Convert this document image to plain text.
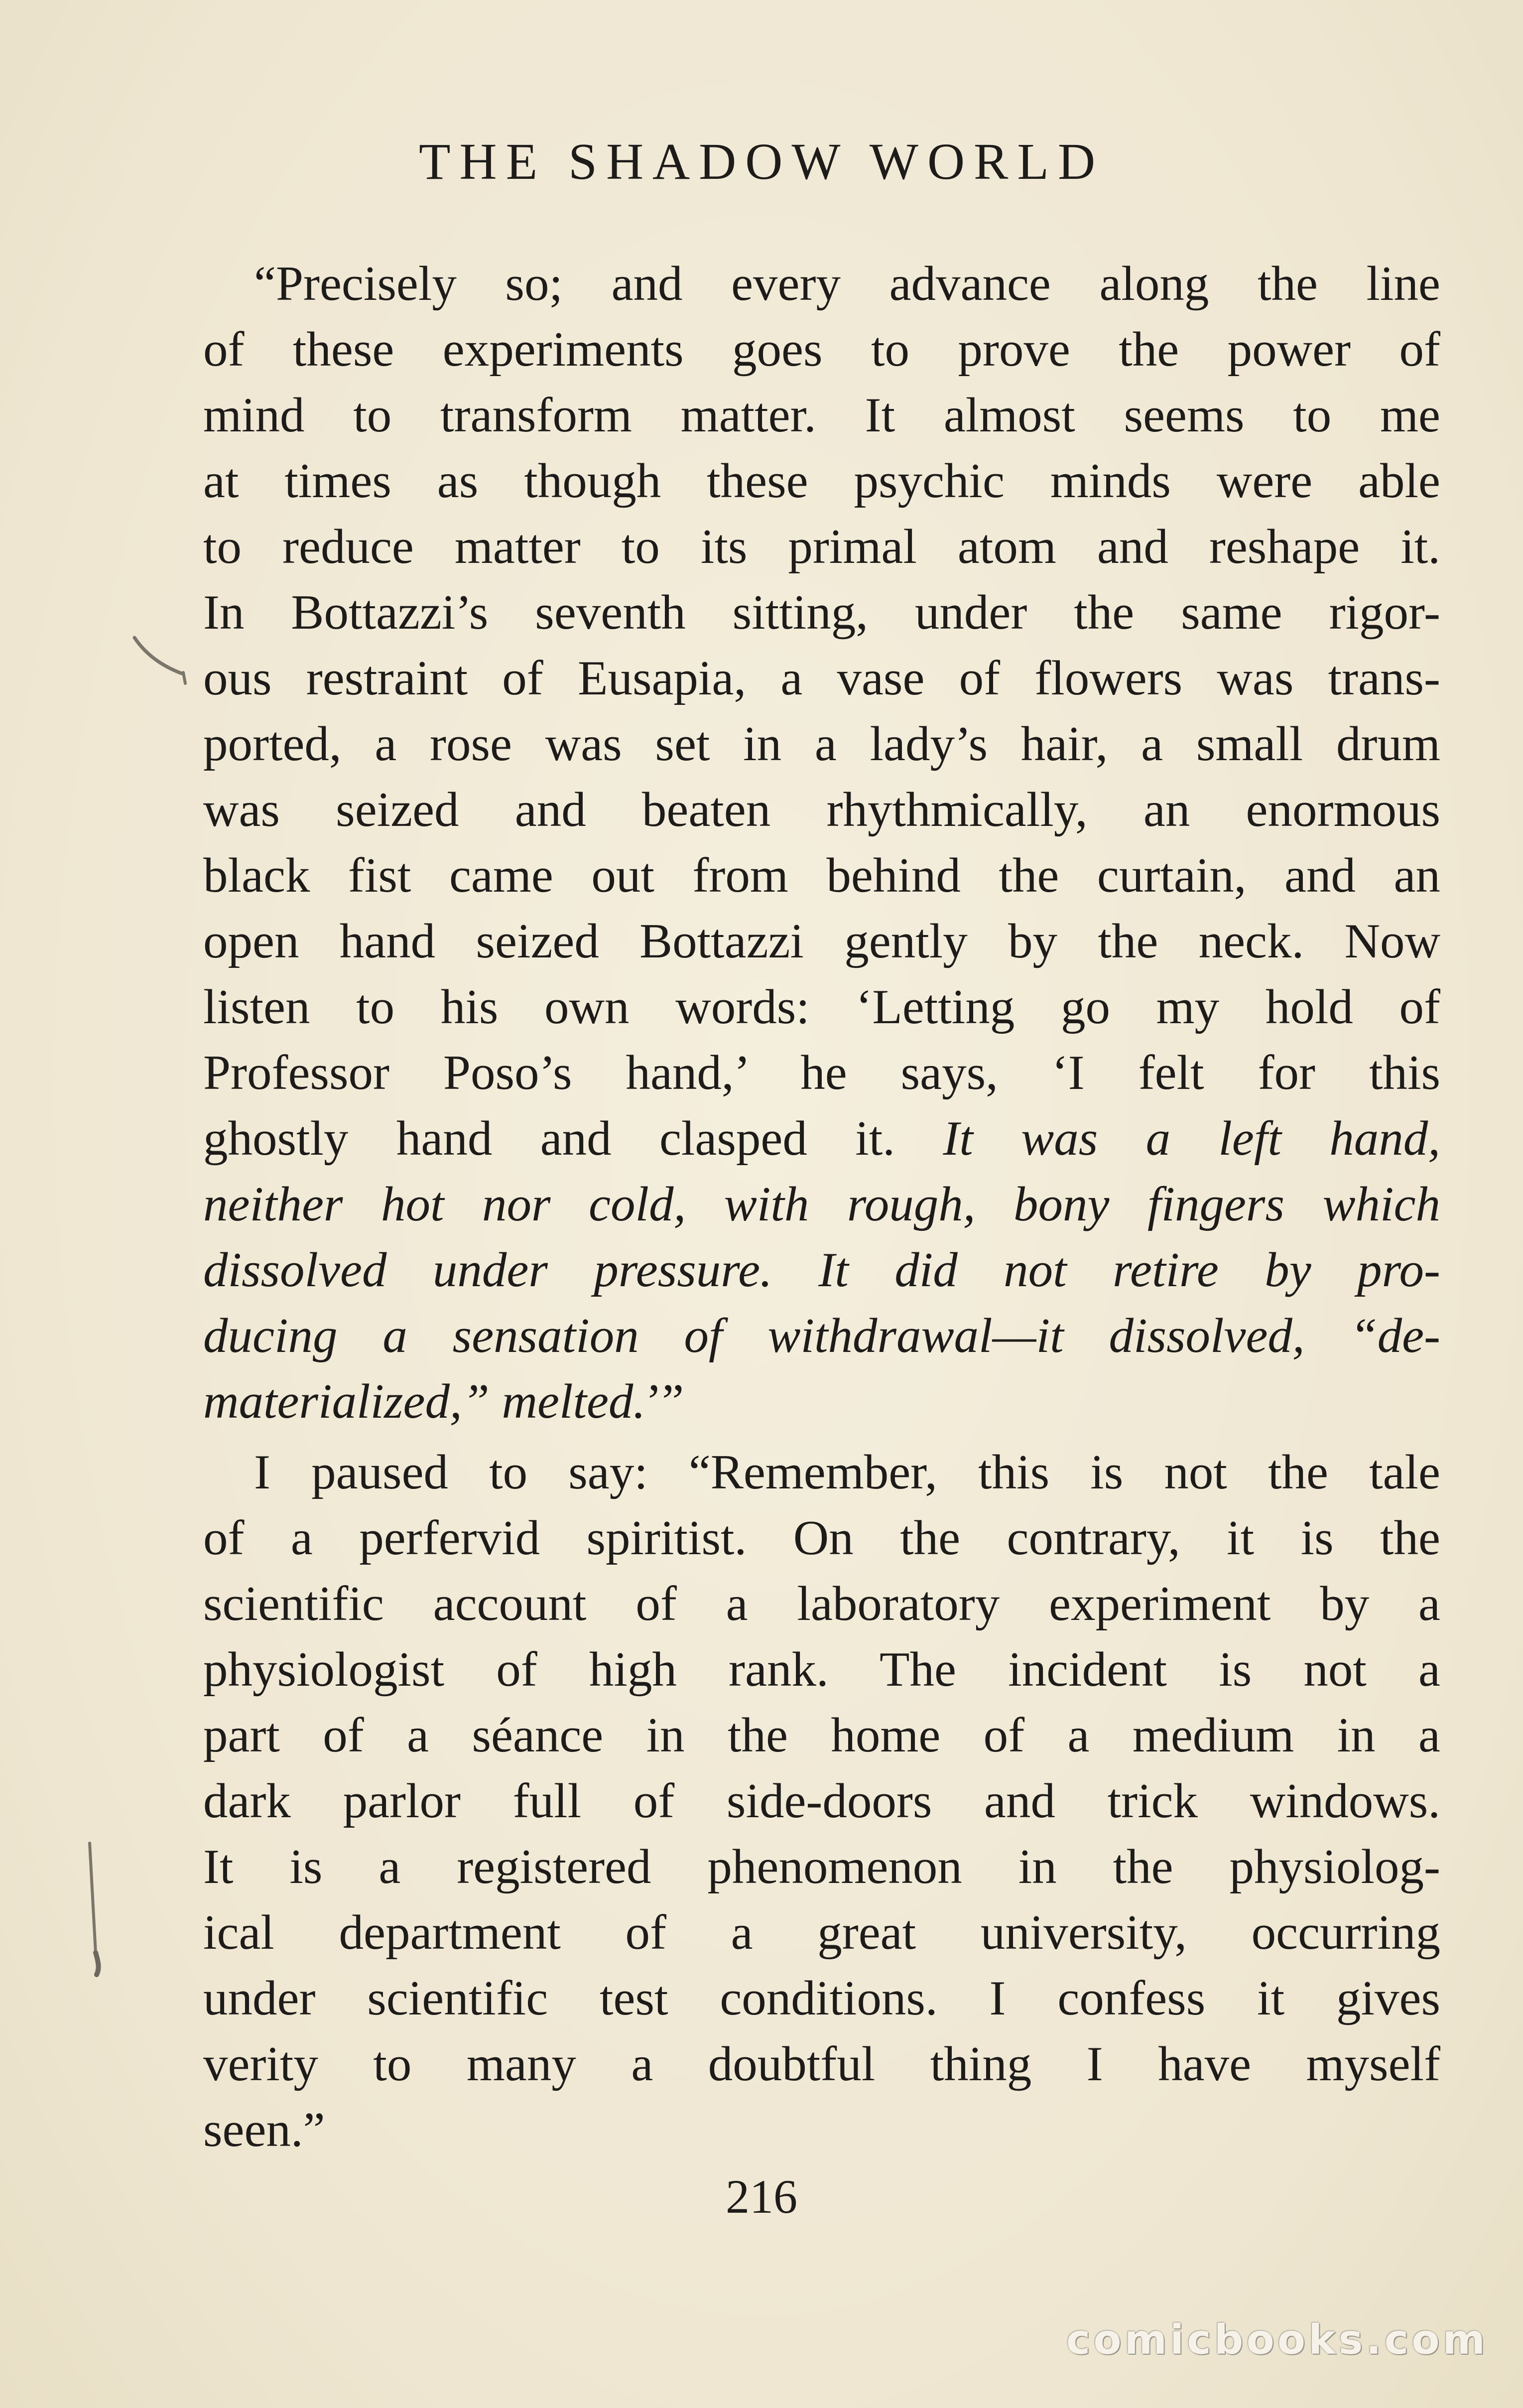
THE SHADOW WORLD
“Precisely so; and every advance along the line
of these experiments goes to prove the power of
mind to transform matter. It almost seems to me
at times as though these psychic minds were able
to reduce matter to its primal atom and reshape it.
In Bottazzi’s seventh sitting, under the same rigor-
ous restraint of Eusapia, a vase of flowers was trans-
ported, a rose was set in a lady’s hair, a small drum
was seized and beaten rhythmically, an enormous
black fist came out from behind the curtain, and an
open hand seized Bottazzi gently by the neck. Now
listen to his own words: ‘Letting go my hold of
Professor Poso’s hand,’ he says, ‘I felt for this
ghostly hand and clasped it. It was a left hand,
neither hot nor cold, with rough, bony fingers which
dissolved under pressure. It did not retire by pro-
ducing a sensation of withdrawal—it dissolved, “de-
materialized,” melted.’”
I paused to say: “Remember, this is not the tale
of a perfervid spiritist. On the contrary, it is the
scientific account of a laboratory experiment by a
physiologist of high rank. The incident is not a
part of a séance in the home of a medium in a
dark parlor full of side-doors and trick windows.
It is a registered phenomenon in the physiolog-
ical department of a great university, occurring
under scientific test conditions. I confess it gives
verity to many a doubtful thing I have myself
seen.”
216
comicbooks.com
